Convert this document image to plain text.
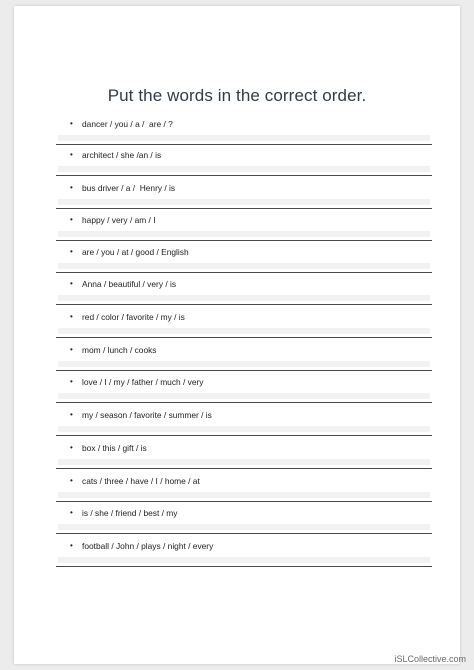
Put the words in the correct order.
• dancer / you / a /  are / ?
• architect / she /an / is
• bus driver / a /  Henry / is
• happy / very / am / I
• are / you / at / good / English
• Anna / beautiful / very / is
• red / color / favorite / my / is
• mom / lunch / cooks
• love / I / my / father / much / very
• my / season / favorite / summer / is
• box / this / gift / is
• cats / three / have / I / home / at
• is / she / friend / best / my
• football / John / plays / night / every
iSLCollective.com
